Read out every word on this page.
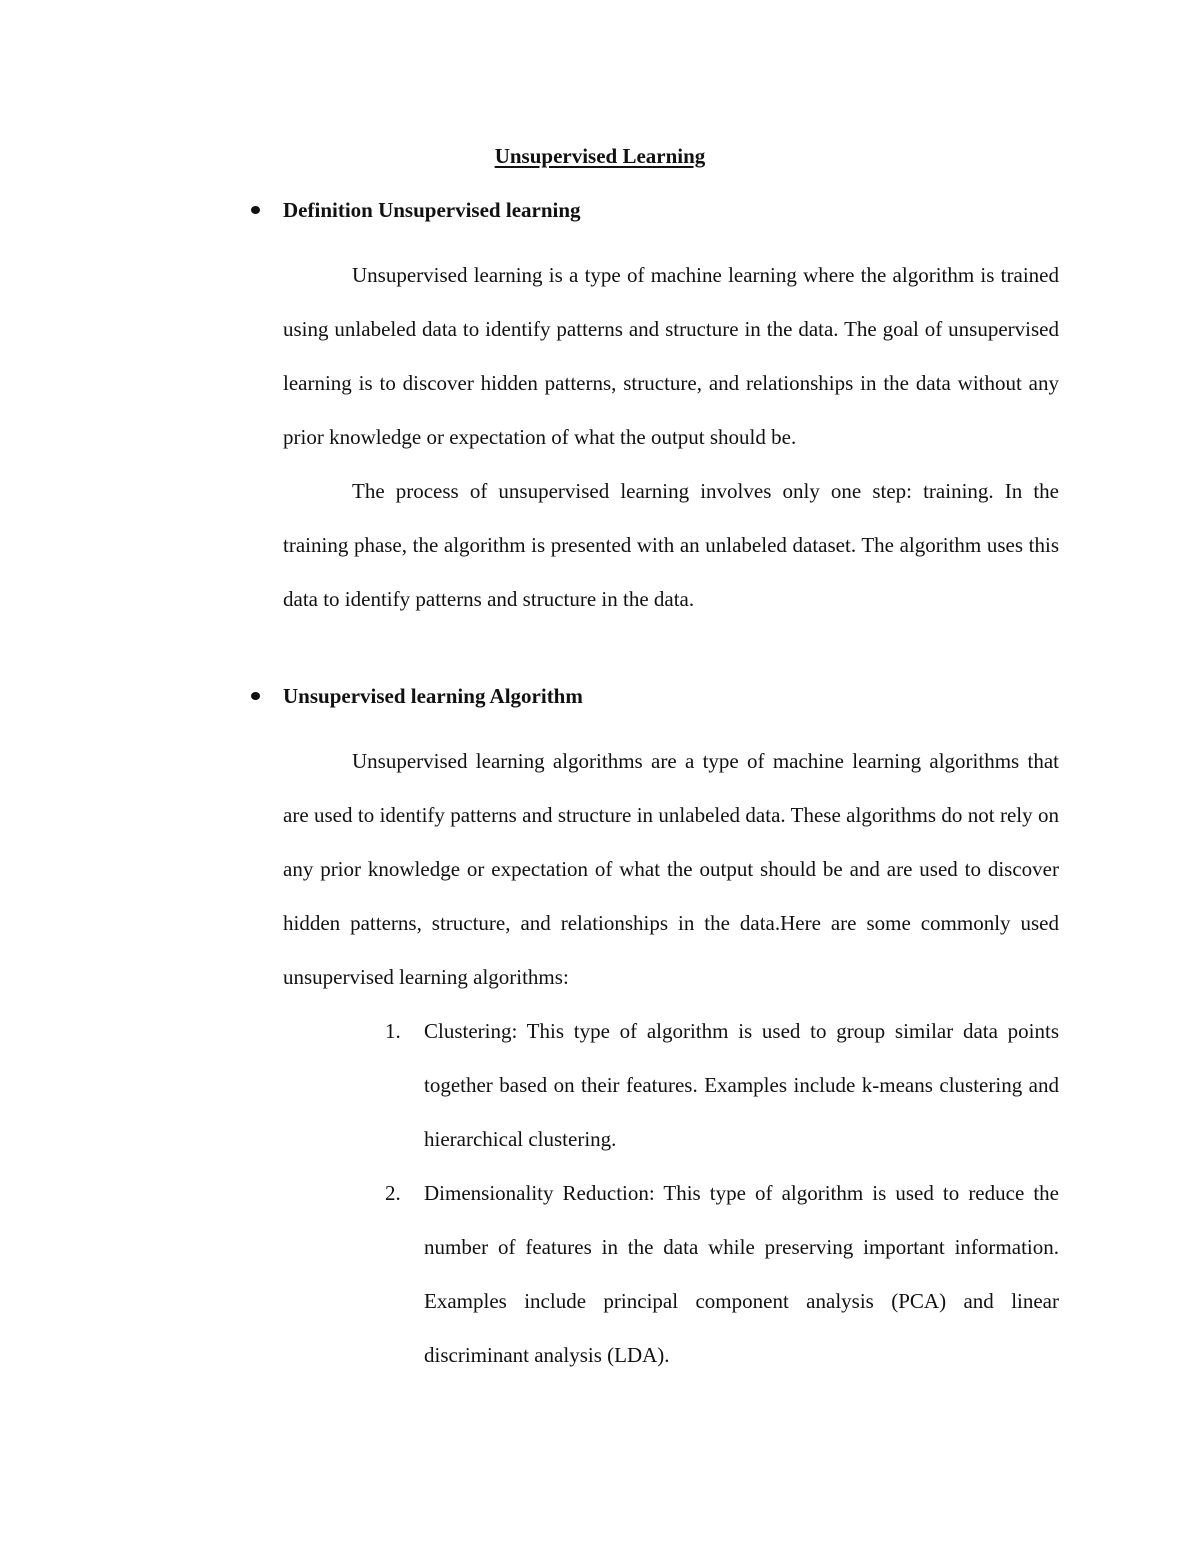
Unsupervised Learning
Definition Unsupervised learning

Unsupervised learning is a type of machine learning where the algorithm is trained using unlabeled data to identify patterns and structure in the data. The goal of unsupervised learning is to discover hidden patterns, structure, and relationships in the data without any prior knowledge or expectation of what the output should be.

The process of unsupervised learning involves only one step: training. In the training phase, the algorithm is presented with an unlabeled dataset. The algorithm uses this data to identify patterns and structure in the data.

Unsupervised learning Algorithm

Unsupervised learning algorithms are a type of machine learning algorithms that are used to identify patterns and structure in unlabeled data. These algorithms do not rely on any prior knowledge or expectation of what the output should be and are used to discover hidden patterns, structure, and relationships in the data.Here are some commonly used unsupervised learning algorithms:

1. Clustering: This type of algorithm is used to group similar data points together based on their features. Examples include k-means clustering and hierarchical clustering.

2. Dimensionality Reduction: This type of algorithm is used to reduce the number of features in the data while preserving important information. Examples include principal component analysis (PCA) and linear discriminant analysis (LDA).
